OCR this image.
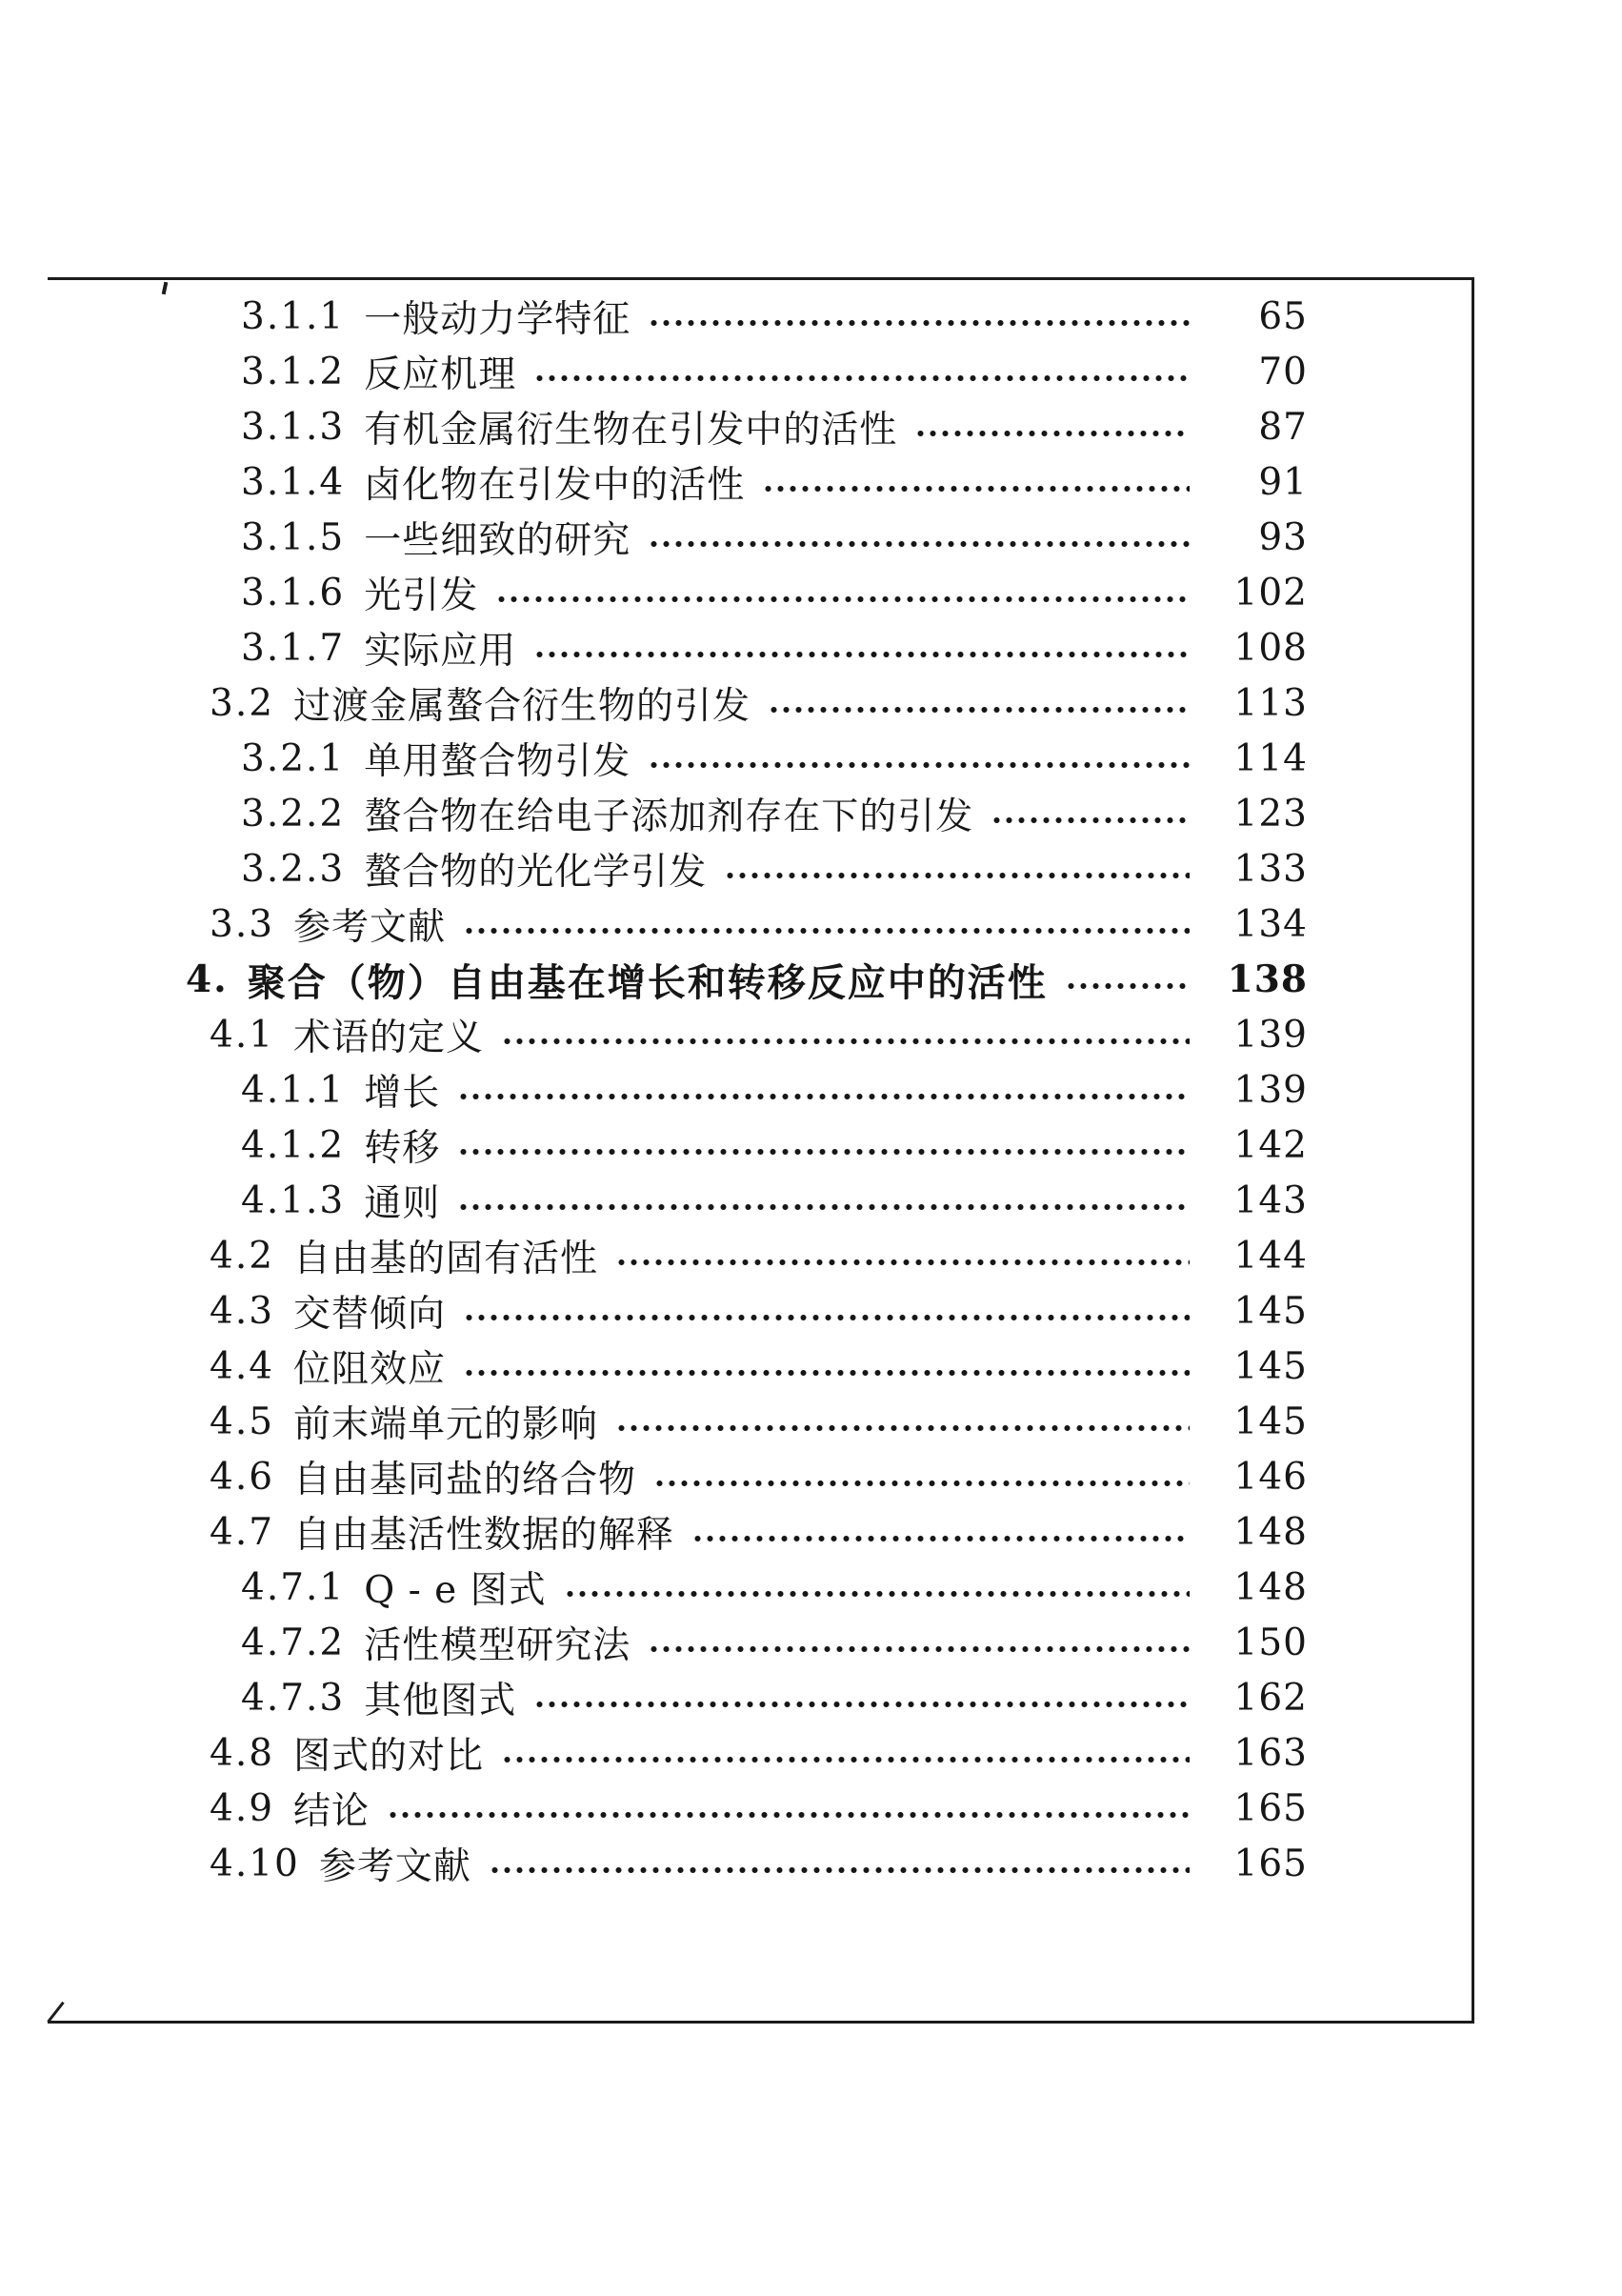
3.1.1 一般动力学特征	65
3.1.2 反应机理	70
3.1.3 有机金属衍生物在引发中的活性	87
3.1.4 卤化物在引发中的活性	91
3.1.5 一些细致的研究	93
3.1.6 光引发	102
3.1.7 实际应用	108
3.2 过渡金属螯合衍生物的引发	113
3.2.1 单用螯合物引发	114
3.2.2 螯合物在给电子添加剂存在下的引发	123
3.2.3 螯合物的光化学引发	133
3.3 参考文献	134
4. 聚合（物）自由基在增长和转移反应中的活性	138
4.1 术语的定义	139
4.1.1 增长	139
4.1.2 转移	142
4.1.3 通则	143
4.2 自由基的固有活性	144
4.3 交替倾向	145
4.4 位阻效应	145
4.5 前末端单元的影响	145
4.6 自由基同盐的络合物	146
4.7 自由基活性数据的解释	148
4.7.1 Q - e 图式	148
4.7.2 活性模型研究法	150
4.7.3 其他图式	162
4.8 图式的对比	163
4.9 结论	165
4.10 参考文献	165
